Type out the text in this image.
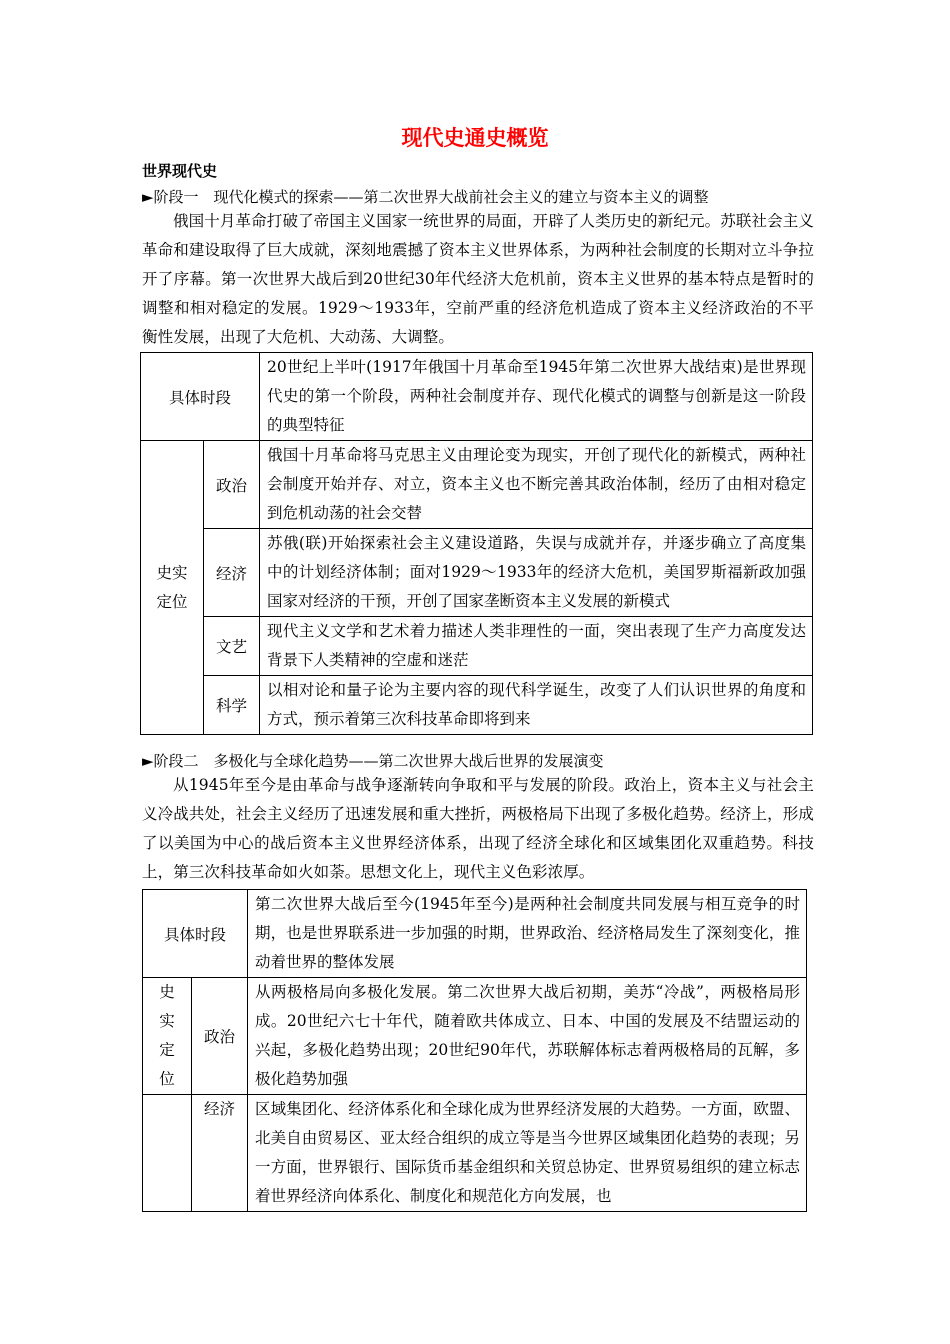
现代史通史概览
世界现代史
►阶段一　现代化模式的探索——第二次世界大战前社会主义的建立与资本主义的调整
俄国十月革命打破了帝国主义国家一统世界的局面，开辟了人类历史的新纪元。苏联社会主义革命和建设取得了巨大成就，深刻地震撼了资本主义世界体系，为两种社会制度的长期对立斗争拉开了序幕。第一次世界大战后到20世纪30年代经济大危机前，资本主义世界的基本特点是暂时的调整和相对稳定的发展。1929～1933年，空前严重的经济危机造成了资本主义经济政治的不平衡性发展，出现了大危机、大动荡、大调整。
具体时段		20世纪上半叶(1917年俄国十月革命至1945年第二次世界大战结束)是世界现代史的第一个阶段，两种社会制度并存、现代化模式的调整与创新是这一阶段的典型特征

史实定位	政治	俄国十月革命将马克思主义由理论变为现实，开创了现代化的新模式，两种社会制度开始并存、对立，资本主义也不断完善其政治体制，经历了由相对稳定到危机动荡的社会交替
	经济	苏俄(联)开始探索社会主义建设道路，失误与成就并存，并逐步确立了高度集中的计划经济体制；面对1929～1933年的经济大危机，美国罗斯福新政加强国家对经济的干预，开创了国家垄断资本主义发展的新模式
	文艺	现代主义文学和艺术着力描述人类非理性的一面，突出表现了生产力高度发达背景下人类精神的空虚和迷茫
	科学	以相对论和量子论为主要内容的现代科学诞生，改变了人们认识世界的角度和方式，预示着第三次科技革命即将到来
►阶段二　多极化与全球化趋势——第二次世界大战后世界的发展演变
从1945年至今是由革命与战争逐渐转向争取和平与发展的阶段。政治上，资本主义与社会主义冷战共处，社会主义经历了迅速发展和重大挫折，两极格局下出现了多极化趋势。经济上，形成了以美国为中心的战后资本主义世界经济体系，出现了经济全球化和区域集团化双重趋势。科技上，第三次科技革命如火如荼。思想文化上，现代主义色彩浓厚。
具体时段		第二次世界大战后至今(1945年至今)是两种社会制度共同发展与相互竞争的时期，也是世界联系进一步加强的时期，世界政治、经济格局发生了深刻变化，推动着世界的整体发展

史实定位	政治	从两极格局向多极化发展。第二次世界大战后初期，美苏“冷战”，两极格局形成。20世纪六七十年代，随着欧共体成立、日本、中国的发展及不结盟运动的兴起，多极化趋势出现；20世纪90年代，苏联解体标志着两极格局的瓦解，多极化趋势加强
	经济	区域集团化、经济体系化和全球化成为世界经济发展的大趋势。一方面，欧盟、北美自由贸易区、亚太经合组织的成立等是当今世界区域集团化趋势的表现；另一方面，世界银行、国际货币基金组织和关贸总协定、世界贸易组织的建立标志着世界经济向体系化、制度化和规范化方向发展，也
